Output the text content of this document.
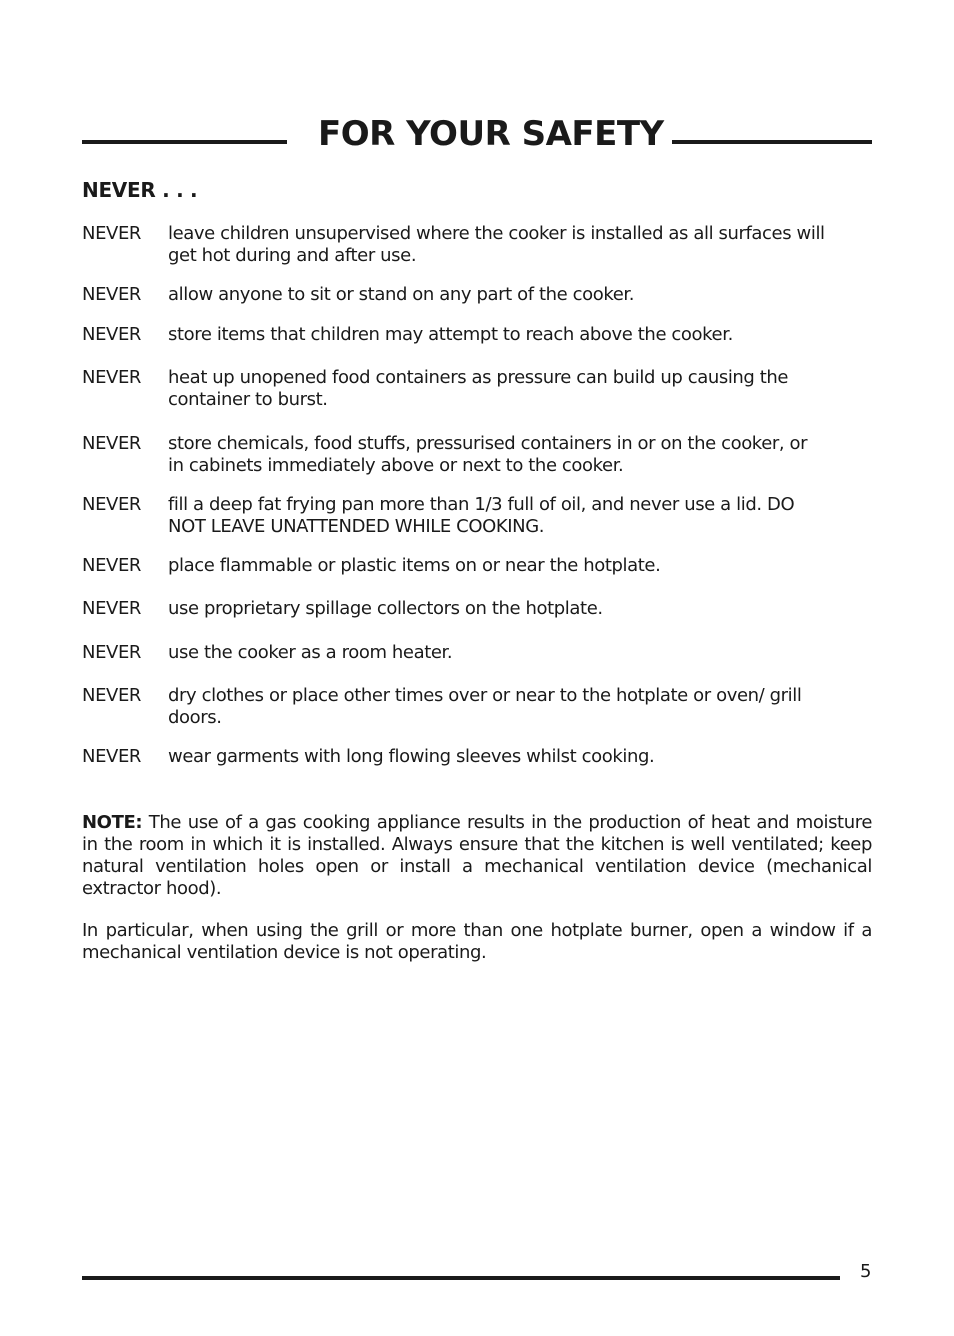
FOR YOUR SAFETY
NEVER . . .
NEVER leave children unsupervised where the cooker is installed as all surfaces will get hot during and after use.
NEVER allow anyone to sit or stand on any part of the cooker.
NEVER store items that children may attempt to reach above the cooker.
NEVER heat up unopened food containers as pressure can build up causing the container to burst.
NEVER store chemicals, food stuffs, pressurised containers in or on the cooker, or in cabinets immediately above or next to the cooker.
NEVER fill a deep fat frying pan more than 1/3 full of oil, and never use a lid. DO NOT LEAVE UNATTENDED WHILE COOKING.
NEVER place flammable or plastic items on or near the hotplate.
NEVER use proprietary spillage collectors on the hotplate.
NEVER use the cooker as a room heater.
NEVER dry clothes or place other times over or near to the hotplate or oven/ grill doors.
NEVER wear garments with long flowing sleeves whilst cooking.
NOTE: The use of a gas cooking appliance results in the production of heat and moisture in the room in which it is installed. Always ensure that the kitchen is well ventilated; keep natural ventilation holes open or install a mechanical ventilation device (mechanical extractor hood).
In particular, when using the grill or more than one hotplate burner, open a window if a mechanical ventilation device is not operating.
5
